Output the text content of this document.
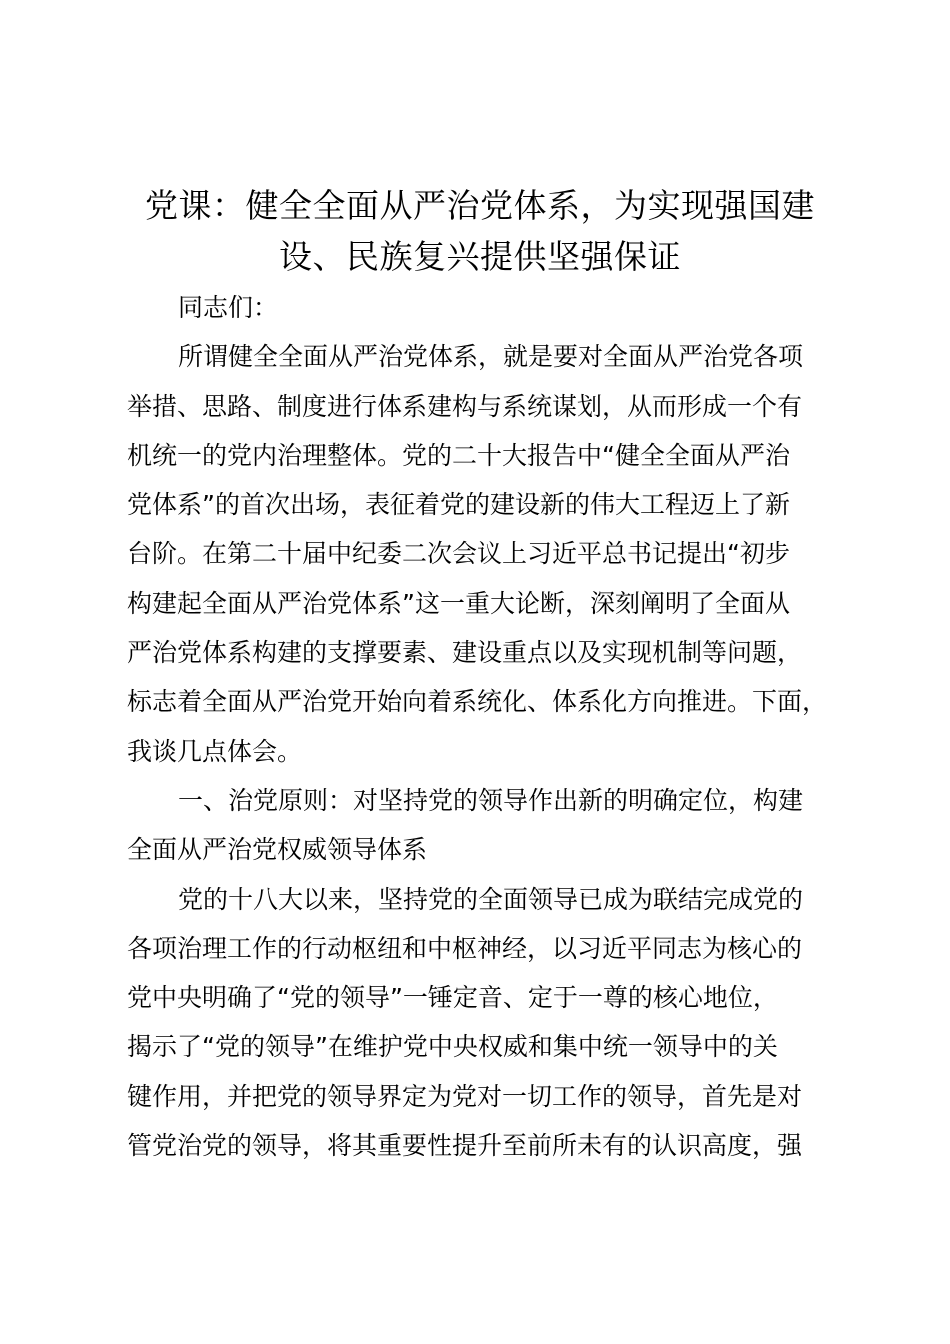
党课：健全全面从严治党体系，为实现强国建
设、民族复兴提供坚强保证
同志们：
所谓健全全面从严治党体系，就是要对全面从严治党各项
举措、思路、制度进行体系建构与系统谋划，从而形成一个有
机统一的党内治理整体。党的二十大报告中“健全全面从严治
党体系”的首次出场，表征着党的建设新的伟大工程迈上了新
台阶。在第二十届中纪委二次会议上习近平总书记提出“初步
构建起全面从严治党体系”这一重大论断，深刻阐明了全面从
严治党体系构建的支撑要素、建设重点以及实现机制等问题，
标志着全面从严治党开始向着系统化、体系化方向推进。下面，
我谈几点体会。
一、治党原则：对坚持党的领导作出新的明确定位，构建
全面从严治党权威领导体系
党的十八大以来，坚持党的全面领导已成为联结完成党的
各项治理工作的行动枢纽和中枢神经，以习近平同志为核心的
党中央明确了“党的领导”一锤定音、定于一尊的核心地位，
揭示了“党的领导”在维护党中央权威和集中统一领导中的关
键作用，并把党的领导界定为党对一切工作的领导，首先是对
管党治党的领导，将其重要性提升至前所未有的认识高度，强
